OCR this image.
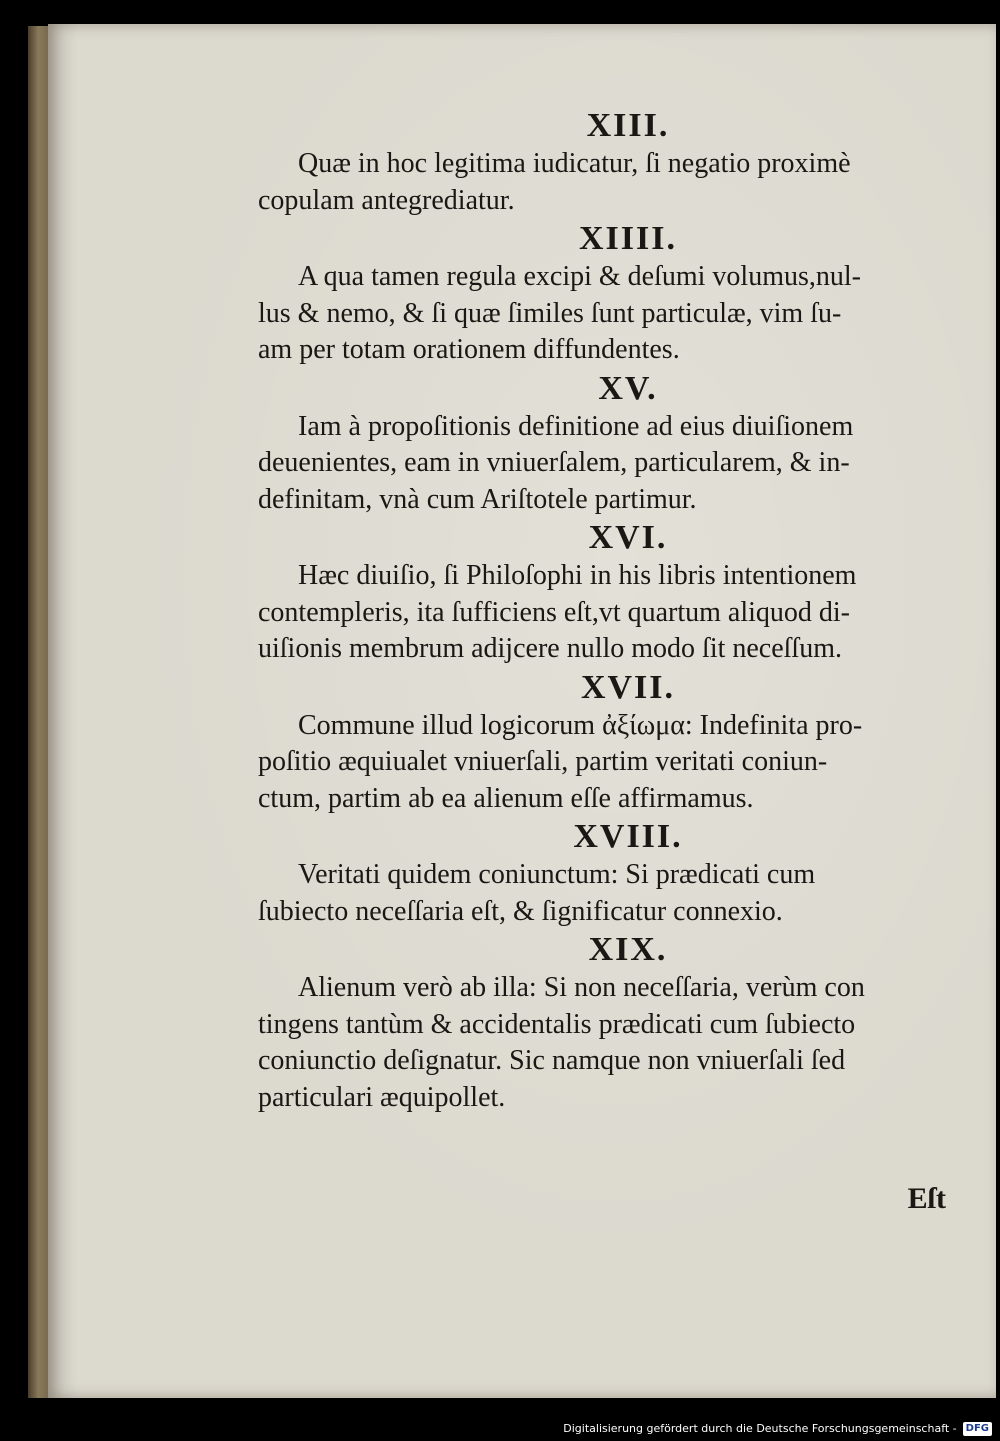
XIII.

Quæ in hoc legitima iudicatur, ſi negatio proximè
copulam antegrediatur.

XIIII.

A qua tamen regula excipi & deſumi volumus,nul-
lus & nemo, & ſi quæ ſimiles ſunt particulæ, vim ſu-
am per totam orationem diffundentes.

XV.

Iam à propoſitionis definitione ad eius diuiſionem
deuenientes, eam in vniuerſalem, particularem, & in-
definitam, vnà cum Ariſtotele partimur.

XVI.

Hæc diuiſio, ſi Philoſophi in his libris intentionem
contempleris, ita ſufficiens eſt,vt quartum aliquod di-
uiſionis membrum adijcere nullo modo ſit neceſſum.

XVII.

Commune illud logicorum ἀξίωμα: Indefinita pro-
poſitio æquiualet vniuerſali, partim veritati coniun-
ctum, partim ab ea alienum eſſe affirmamus.

XVIII.

Veritati quidem coniunctum: Si prædicati cum
ſubiecto neceſſaria eſt, & ſignificatur connexio.

XIX.

Alienum verò ab illa: Si non neceſſaria, verùm con
tingens tantùm & accidentalis prædicati cum ſubiecto
coniunctio deſignatur. Sic namque non vniuerſali ſed
particulari æquipollet.

Eſt
Digitalisierung gefördert durch die Deutsche Forschungsgemeinschaft - DFG
